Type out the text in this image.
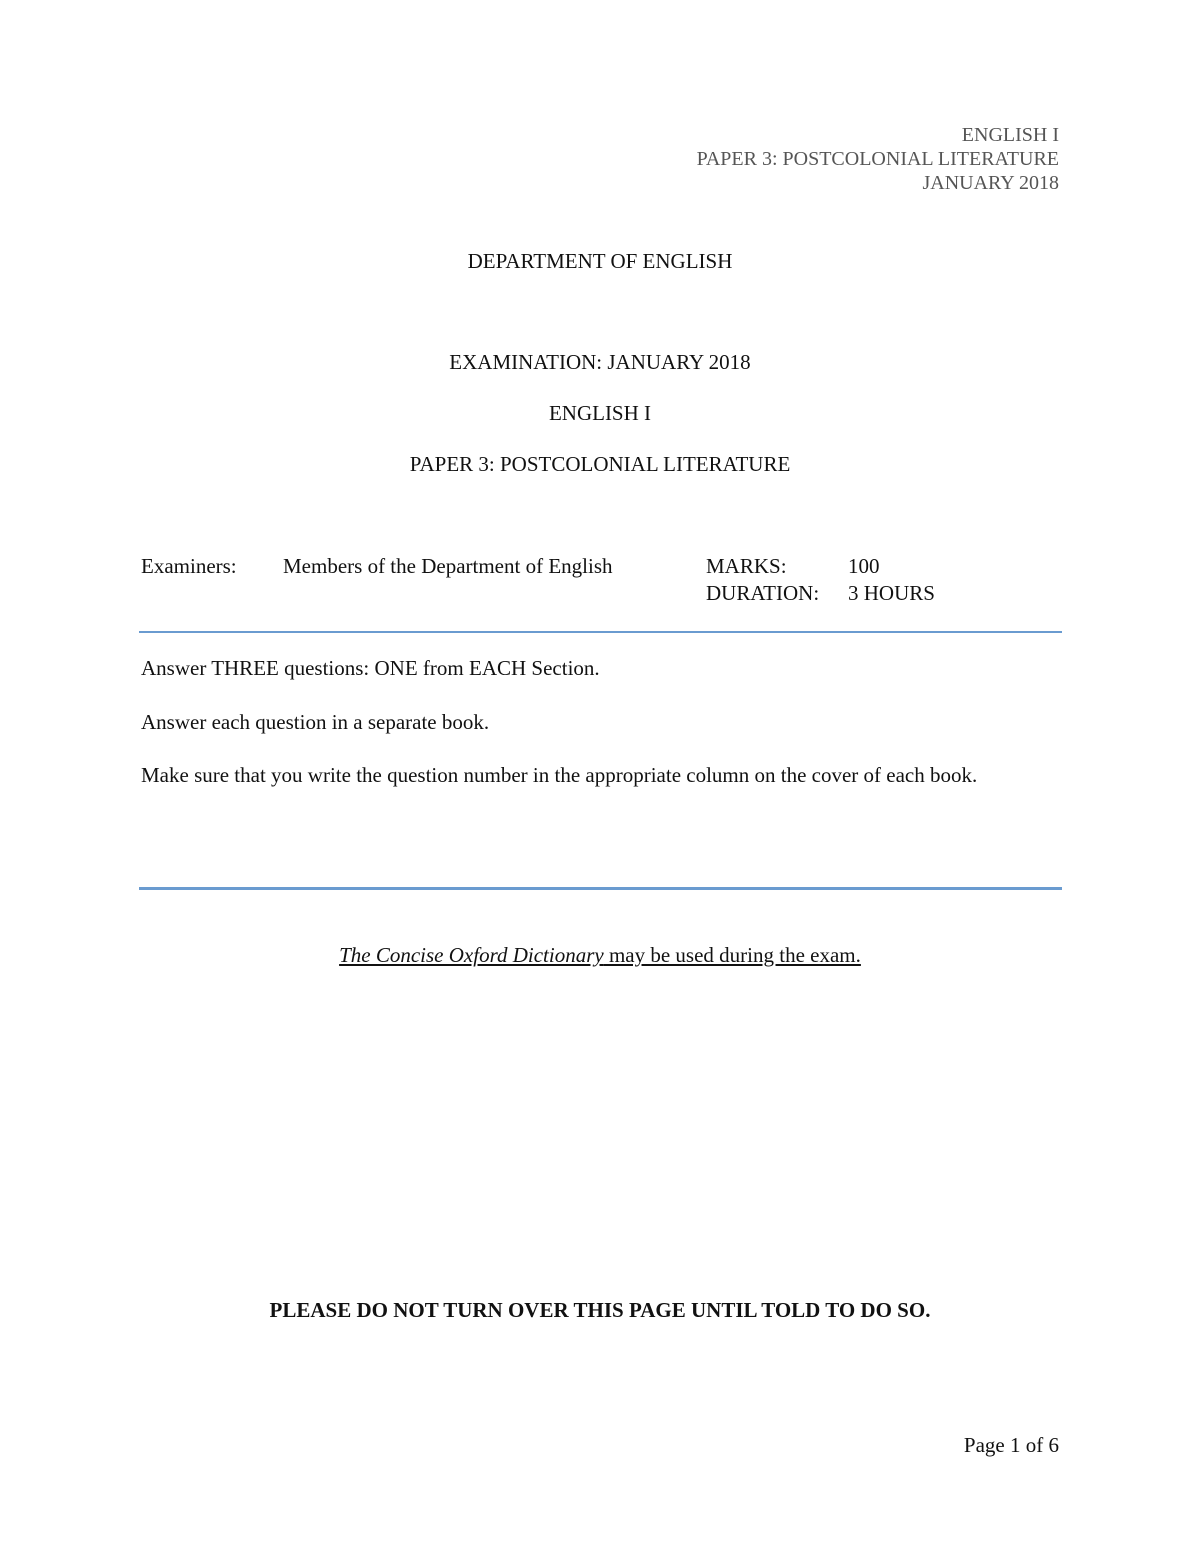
ENGLISH I
PAPER 3: POSTCOLONIAL LITERATURE
JANUARY 2018
DEPARTMENT OF ENGLISH
EXAMINATION: JANUARY 2018
ENGLISH I
PAPER 3: POSTCOLONIAL LITERATURE
Examiners: Members of the Department of English	MARKS:	100
DURATION: 3 HOURS
Answer THREE questions: ONE from EACH Section.
Answer each question in a separate book.
Make sure that you write the question number in the appropriate column on the cover of each book.
The Concise Oxford Dictionary may be used during the exam.
PLEASE DO NOT TURN OVER THIS PAGE UNTIL TOLD TO DO SO.
Page 1 of 6
